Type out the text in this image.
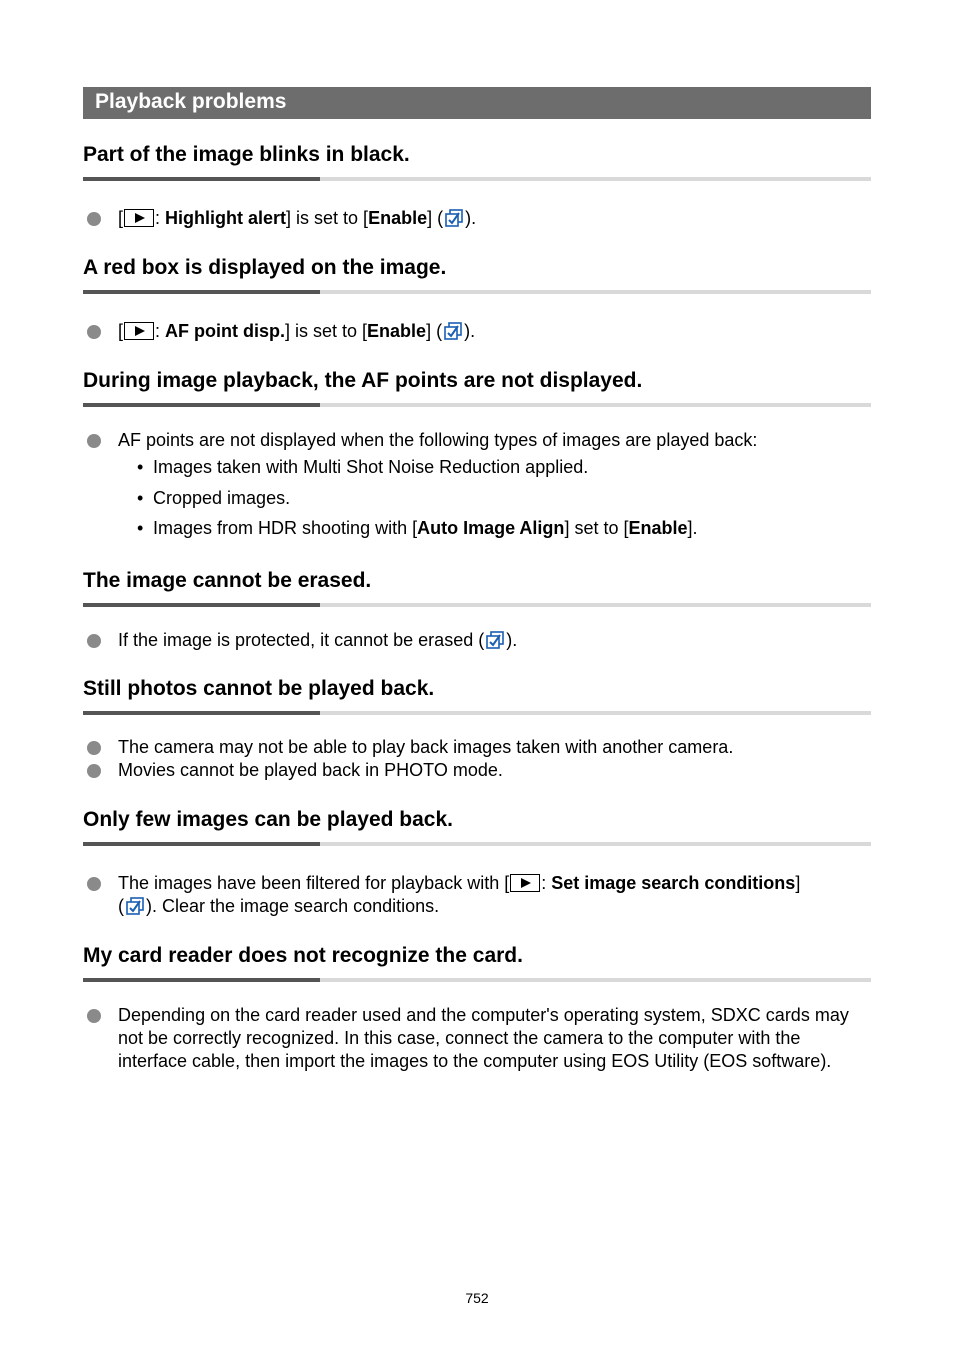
Playback problems
Part of the image blinks in black.
[ : Highlight alert] is set to [Enable] ( ).
A red box is displayed on the image.
[ : AF point disp.] is set to [Enable] ( ).
During image playback, the AF points are not displayed.
AF points are not displayed when the following types of images are played back:
• Images taken with Multi Shot Noise Reduction applied.
• Cropped images.
• Images from HDR shooting with [Auto Image Align] set to [Enable].
The image cannot be erased.
If the image is protected, it cannot be erased ( ).
Still photos cannot be played back.
The camera may not be able to play back images taken with another camera.
Movies cannot be played back in PHOTO mode.
Only few images can be played back.
The images have been filtered for playback with [ : Set image search conditions]
( ). Clear the image search conditions.
My card reader does not recognize the card.
Depending on the card reader used and the computer's operating system, SDXC cards may not be correctly recognized. In this case, connect the camera to the computer with the interface cable, then import the images to the computer using EOS Utility (EOS software).
752
